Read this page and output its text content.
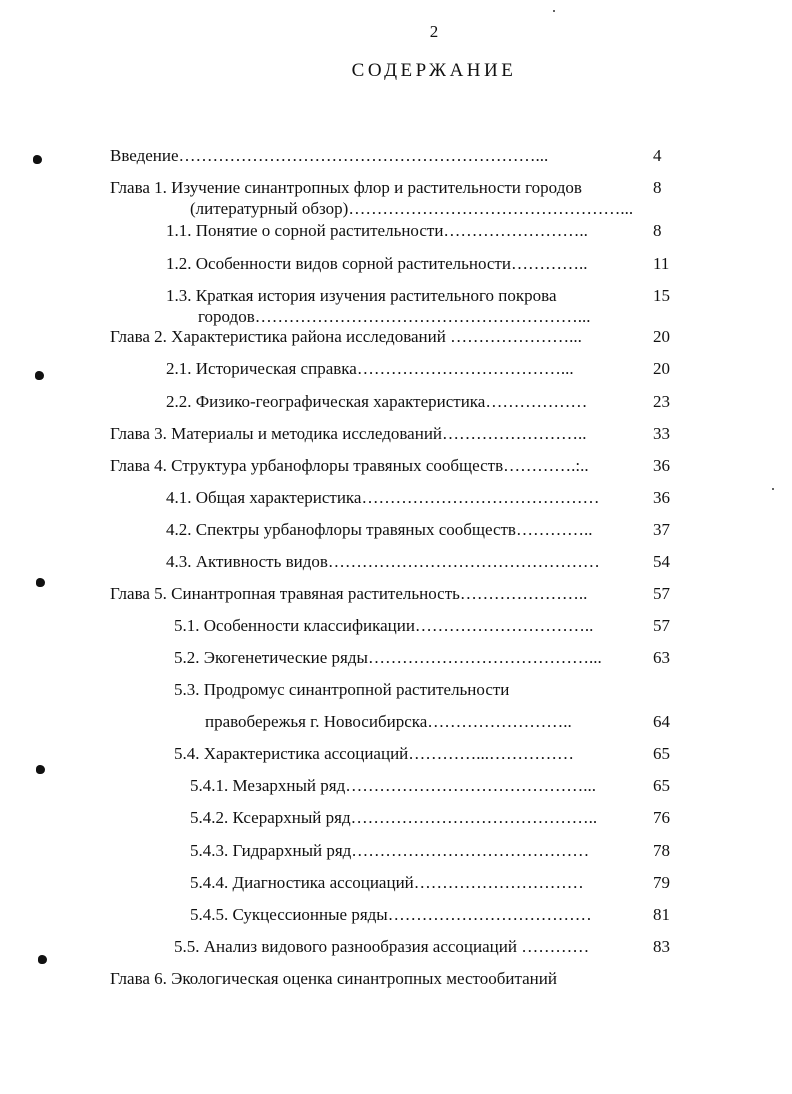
2
СОДЕРЖАНИЕ
Введение………………………………………………………...	4
Глава 1. Изучение синантропных флор и растительности городов	8
(литературный обзор)…………………………………………...
1.1. Понятие о сорной растительности……………………..	8
1.2. Особенности видов сорной растительности…………..	11
1.3. Краткая история изучения растительного покрова	15
городов…………………………………………………...
Глава 2. Характеристика района исследований …………………...	20
2.1. Историческая справка………………………………...	20
2.2. Физико-географическая характеристика………………	23
Глава 3. Материалы и методика исследований……………………..	33
Глава 4. Структура урбанофлоры травяных сообществ………….:..	36
4.1. Общая характеристика……………………………………	36
4.2. Спектры урбанофлоры травяных сообществ…………..	37
4.3. Активность видов…………………………………………	54
Глава 5. Синантропная травяная растительность…………………..	57
5.1. Особенности классификации…………………………..	57
5.2. Экогенетические ряды…………………………………...	63
5.3. Продромус синантропной растительности
правобережья г. Новосибирска……………………..	64
5.4. Характеристика ассоциаций…………...……………	65
5.4.1. Мезархный ряд……………………………………...	65
5.4.2. Ксерархный ряд……………………………………..	76
5.4.3. Гидрархный ряд……………………………………	78
5.4.4. Диагностика ассоциаций…………………………	79
5.4.5. Сукцессионные ряды………………………………	81
5.5. Анализ видового разнообразия ассоциаций …………	83
Глава 6. Экологическая оценка синантропных местообитаний
